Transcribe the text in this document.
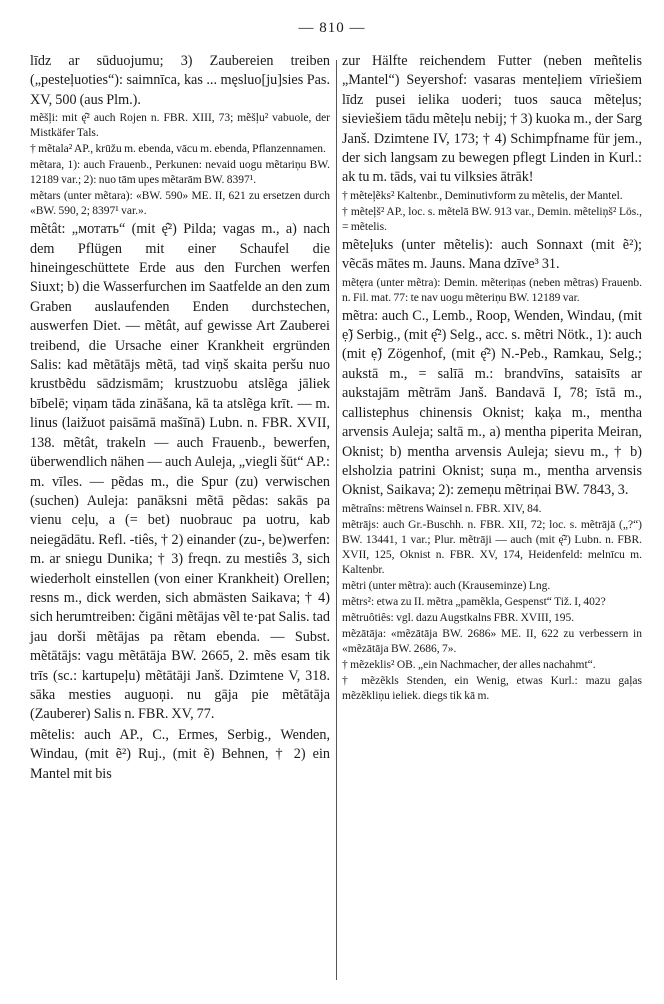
— 810 —

līdz ar sūduojumu; 3) Zaubereien treiben („pesteļuoties“): saimnīca, kas ... męsluo[ju]sies Pas. XV, 500 (aus Plm.).

mẽšļi: mit ę̂² auch Rojen n. FBR. XIII, 73; mẽšļu² vabuole, der Mistkäfer Tals.

† mẽtala² AP., krūžu m. ebenda, vācu m. ebenda, Pflanzennamen.

mẽtara, 1): auch Frauenb., Perkunen: nevaid uogu mẽtariņu BW. 12189 var.; 2): nuo tām upes mẽtarām BW. 8397¹.

mẽtars (unter mẽtara): «BW. 590» ME. II, 621 zu ersetzen durch «BW. 590, 2; 8397¹ var.».

mẽtât: „мотать“ (mit ę̂²) Pilda; vagas m., a) nach dem Pflügen mit einer Schaufel die hineingeschüttete Erde aus den Furchen werfen Siuxt; b) die Wasserfurchen im Saatfelde an den zum Graben auslaufenden Enden durchstechen, auswerfen Diet. — mẽtât, auf gewisse Art Zauberei treibend, die Ursache einer Krankheit ergründen Salis: kad mẽtātājs mẽtā, tad viņš skaita peršu nuo krustbẽdu sādzismām; krustzuobu atslẽga jāliek bībelē; viņam tāda zināšana, kā ta atslẽga krīt. — m. linus (laižuot paisāmā mašīnā) Lubn. n. FBR. XVII, 138. mẽtât, trakeln — auch Frauenb., bewerfen, überwendlich nähen — auch Auleja, „viegli šūt“ AP.: m. vīles. — pẽdas m., die Spur (zu) verwischen (suchen) Auleja: panāksni mẽtā pẽdas: sakās pa vienu ceļu, a (= bet) nuobrauc pa uotru, kab neiegādātu. Refl. -tiês, † 2) einander (zu-, be)werfen: m. ar sniegu Dunika; † 3) freqn. zu mestiês 3, sich wiederholt einstellen (von einer Krankheit) Orellen; resns m., dick werden, sich abmästen Saikava; † 4) sich herumtreiben: čigāni mẽtājas vẽl te·pat Salis. tad jau dorši mẽtājas pa rẽtam ebenda. — Subst. mẽtātājs: vagu mẽtātāja BW. 2665, 2. mẽs esam tik trīs (sc.: kartupeļu) mẽtātāji Janš. Dzimtene V, 318. sāka mesties auguoņi. nu gāja pie mẽtātāja (Zauberer) Salis n. FBR. XV, 77.

mẽtelis: auch AP., C., Ermes, Serbig., Wenden, Windau, (mit ẽ²) Ruj., (mit ẽ) Behnen, † 2) ein Mantel mit bis

zur Hälfte reichendem Futter (neben meñtelis „Mantel“) Seyershof: vasaras menteļiem vīriešiem līdz pusei ielika uoderi; tuos sauca mẽteļus; sieviešiem tādu mẽteļu nebij; † 3) kuoka m., der Sarg Janš. Dzimtene IV, 173; † 4) Schimpfname für jem., der sich langsam zu bewegen pflegt Linden in Kurl.: ak tu m. tāds, vai tu vilksies ātrāk!

† mẽteļẽks² Kaltenbr., Deminutivform zu mẽtelis, der Mantel.

† mẽteļš² AP., loc. s. mẽtelā BW. 913 var., Demin. mẽteliņš² Lös., = mẽtelis.

mẽteļuks (unter mẽtelis): auch Sonnaxt (mit ẽ²); vẽcās mātes m. Jauns. Mana dzīve³ 31.

mẽtẹra (unter mẽtra): Demin. mẽteriņas (neben mẽtras) Frauenb. n. Fil. mat. 77: te nav uogu mẽteriņu BW. 12189 var.

mẽtra: auch C., Lemb., Roop, Wenden, Windau, (mit ẹ̃) Serbig., (mit ę̂²) Selg., acc. s. mẽtri Nötk., 1): auch (mit ẹ̃) Zögenhof, (mit ę̂²) N.-Peb., Ramkau, Selg.; aukstā m., = salīā m.: brandvīns, sataisīts ar aukstajām mẽtrām Janš. Bandavā I, 78; īstā m., callistephus chinensis Oknist; kaķa m., mentha arvensis Auleja; saltā m., a) mentha piperita Meiran, Oknist; b) mentha arvensis Auleja; sievu m., † b) elsholzia patrini Oknist; suņa m., mentha arvensis Oknist, Saikava; 2): zemeņu mẽtriņai BW. 7843, 3.

mẽtraîns: mẽtrens Wainsel n. FBR. XIV, 84.

mẽtrājs: auch Gr.-Buschh. n. FBR. XII, 72; loc. s. mẽtrājā („?“) BW. 13441, 1 var.; Plur. mẽtrāji — auch (mit ę̂²) Lubn. n. FBR. XVII, 125, Oknist n. FBR. XV, 174, Heidenfeld: melnīcu m. Kaltenbr.

mẽtri (unter mẽtra): auch (Krauseminze) Lng.

mẽtrs²: etwa zu II. mẽtra „pamẽkla, Gespenst“ Tiž. I, 402?

mẽtruôtiês: vgl. dazu Augstkalns FBR. XVIII, 195.

mẽzātāja: «mẽzātāja BW. 2686» ME. II, 622 zu verbessern in «mẽzātāja BW. 2686, 7».

† mẽzeklis² OB. „ein Nachmacher, der alles nachahmt“.

† mẽzẽkls Stenden, ein Wenig, etwas Kurl.: mazu gaļas mẽzẽkliņu ieliek. diegs tik kā m.
